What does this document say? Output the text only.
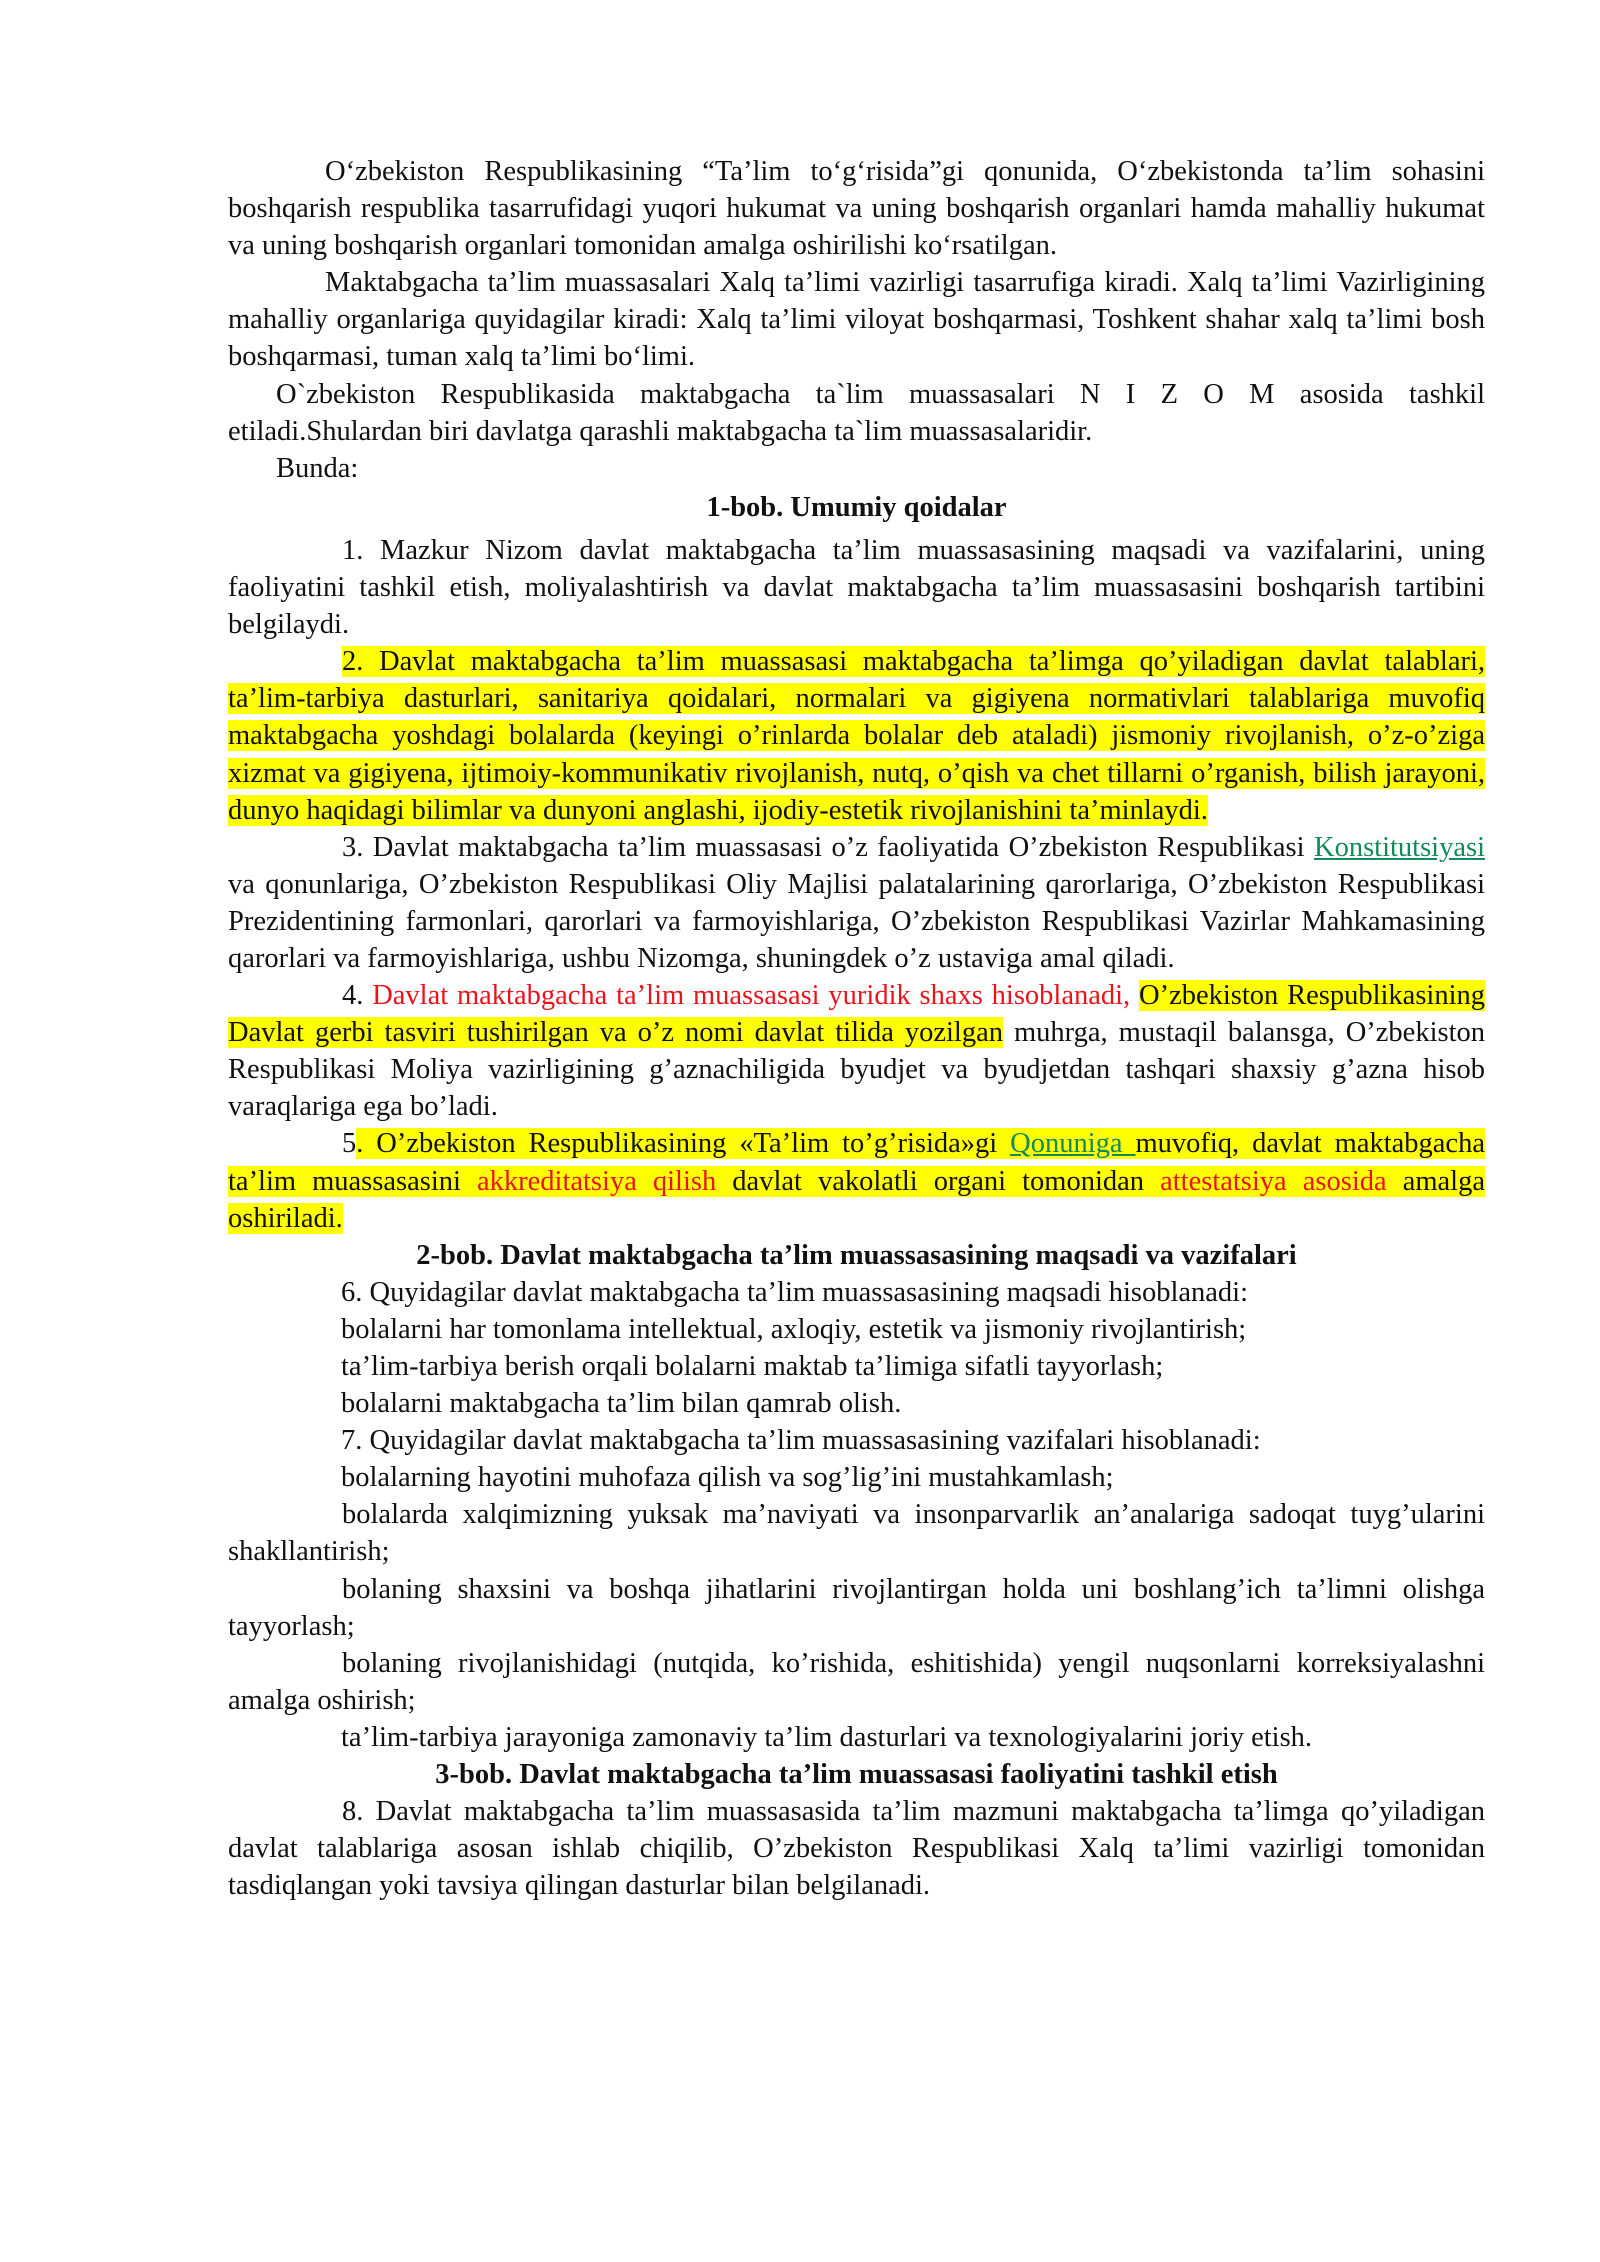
O‘zbekiston Respublikasining “Ta’lim to‘g‘risida”gi qonunida, O‘zbekistonda ta’lim sohasini boshqarish respublika tasarrufidagi yuqori hukumat va uning boshqarish organlari hamda mahalliy hukumat va uning boshqarish organlari tomonidan amalga oshirilishi ko‘rsatilgan.

Maktabgacha ta’lim muassasalari Xalq ta’limi vazirligi tasarrufiga kiradi. Xalq ta’limi Vazirligining mahalliy organlariga quyidagilar kiradi: Xalq ta’limi viloyat boshqarmasi, Toshkent shahar xalq ta’limi bosh boshqarmasi, tuman xalq ta’limi bo‘limi.

O`zbekiston Respublikasida maktabgacha ta`lim muassasalari N I Z O M asosida tashkil etiladi.Shulardan biri davlatga qarashli maktabgacha ta`lim muassasalaridir.

Bunda:

1-bob. Umumiy qoidalar

1. Mazkur Nizom davlat maktabgacha ta’lim muassasasining maqsadi va vazifalarini, uning faoliyatini tashkil etish, moliyalashtirish va davlat maktabgacha ta’lim muassasasini boshqarish tartibini belgilaydi.

2. Davlat maktabgacha ta’lim muassasasi maktabgacha ta’limga qo’yiladigan davlat talablari, ta’lim-tarbiya dasturlari, sanitariya qoidalari, normalari va gigiyena normativlari talablariga muvofiq maktabgacha yoshdagi bolalarda (keyingi o’rinlarda bolalar deb ataladi) jismoniy rivojlanish, o’z-o’ziga xizmat va gigiyena, ijtimoiy-kommunikativ rivojlanish, nutq, o’qish va chet tillarni o’rganish, bilish jarayoni, dunyo haqidagi bilimlar va dunyoni anglashi, ijodiy-estetik rivojlanishini ta’minlaydi.

3. Davlat maktabgacha ta’lim muassasasi o’z faoliyatida O’zbekiston Respublikasi Konstitutsiyasi va qonunlariga, O’zbekiston Respublikasi Oliy Majlisi palatalarining qarorlariga, O’zbekiston Respublikasi Prezidentining farmonlari, qarorlari va farmoyishlariga, O’zbekiston Respublikasi Vazirlar Mahkamasining qarorlari va farmoyishlariga, ushbu Nizomga, shuningdek o’z ustaviga amal qiladi.

4. Davlat maktabgacha ta’lim muassasasi yuridik shaxs hisoblanadi, O’zbekiston Respublikasining Davlat gerbi tasviri tushirilgan va o’z nomi davlat tilida yozilgan muhrga, mustaqil balansga, O’zbekiston Respublikasi Moliya vazirligining g’aznachiligida byudjet va byudjetdan tashqari shaxsiy g’azna hisob varaqlariga ega bo’ladi.

5. O’zbekiston Respublikasining «Ta’lim to’g’risida»gi Qonuniga muvofiq, davlat maktabgacha ta’lim muassasasini akkreditatsiya qilish davlat vakolatli organi tomonidan attestatsiya asosida amalga oshiriladi.

2-bob. Davlat maktabgacha ta’lim muassasasining maqsadi va vazifalari

6. Quyidagilar davlat maktabgacha ta’lim muassasasining maqsadi hisoblanadi:

bolalarni har tomonlama intellektual, axloqiy, estetik va jismoniy rivojlantirish;

ta’lim-tarbiya berish orqali bolalarni maktab ta’limiga sifatli tayyorlash;

bolalarni maktabgacha ta’lim bilan qamrab olish.

7. Quyidagilar davlat maktabgacha ta’lim muassasasining vazifalari hisoblanadi:

bolalarning hayotini muhofaza qilish va sog’lig’ini mustahkamlash;

bolalarda xalqimizning yuksak ma’naviyati va insonparvarlik an’analariga sadoqat tuyg’ularini shakllantirish;

bolaning shaxsini va boshqa jihatlarini rivojlantirgan holda uni boshlang’ich ta’limni olishga tayyorlash;

bolaning rivojlanishidagi (nutqida, ko’rishida, eshitishida) yengil nuqsonlarni korreksiyalashni amalga oshirish;

ta’lim-tarbiya jarayoniga zamonaviy ta’lim dasturlari va texnologiyalarini joriy etish.

3-bob. Davlat maktabgacha ta’lim muassasasi faoliyatini tashkil etish

8. Davlat maktabgacha ta’lim muassasasida ta’lim mazmuni maktabgacha ta’limga qo’yiladigan davlat talablariga asosan ishlab chiqilib, O’zbekiston Respublikasi Xalq ta’limi vazirligi tomonidan tasdiqlangan yoki tavsiya qilingan dasturlar bilan belgilanadi.
